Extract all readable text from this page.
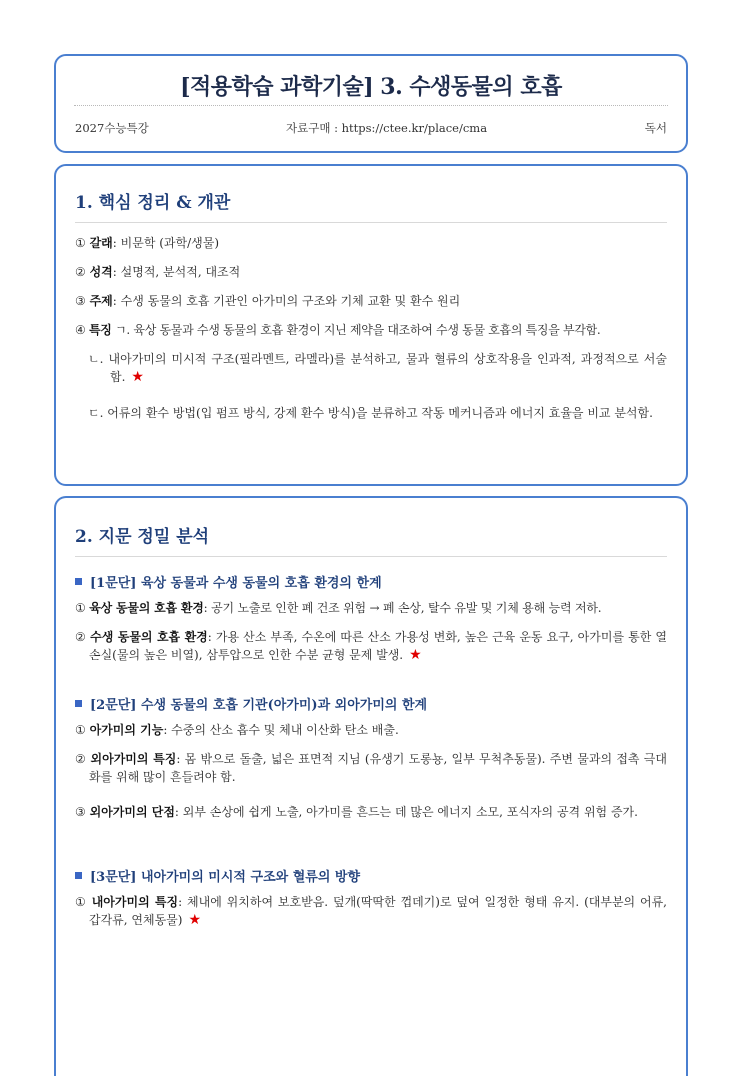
[적용학습 과학기술] 3. 수생동물의 호흡
2027수능특강	자료구매 : https://ctee.kr/place/cma	독서
1. 핵심 정리 & 개관
① 갈래: 비문학 (과학/생물)
② 성격: 설명적, 분석적, 대조적
③ 주제: 수생 동물의 호흡 기관인 아가미의 구조와 기체 교환 및 환수 원리
④ 특징 ㄱ. 육상 동물과 수생 동물의 호흡 환경이 지닌 제약을 대조하여 수생 동물 호흡의 특징을 부각함.
ㄴ. 내아가미의 미시적 구조(필라멘트, 라멜라)를 분석하고, 물과 혈류의 상호작용을 인과적, 과정적으로 서술함. ★
ㄷ. 어류의 환수 방법(입 펌프 방식, 강제 환수 방식)을 분류하고 작동 메커니즘과 에너지 효율을 비교 분석함.
2. 지문 정밀 분석
[1문단] 육상 동물과 수생 동물의 호흡 환경의 한계
① 육상 동물의 호흡 환경: 공기 노출로 인한 폐 건조 위험 → 폐 손상, 탈수 유발 및 기체 용해 능력 저하.
② 수생 동물의 호흡 환경: 가용 산소 부족, 수온에 따른 산소 가용성 변화, 높은 근육 운동 요구, 아가미를 통한 열 손실(물의 높은 비열), 삼투압으로 인한 수분 균형 문제 발생. ★
[2문단] 수생 동물의 호흡 기관(아가미)과 외아가미의 한계
① 아가미의 기능: 수중의 산소 흡수 및 체내 이산화 탄소 배출.
② 외아가미의 특징: 몸 밖으로 돌출, 넓은 표면적 지님 (유생기 도롱뇽, 일부 무척추동물). 주변 물과의 접촉 극대화를 위해 많이 흔들려야 함.
③ 외아가미의 단점: 외부 손상에 쉽게 노출, 아가미를 흔드는 데 많은 에너지 소모, 포식자의 공격 위험 증가.
[3문단] 내아가미의 미시적 구조와 혈류의 방향
① 내아가미의 특징: 체내에 위치하여 보호받음. 덮개(딱딱한 껍데기)로 덮여 일정한 형태 유지. (대부분의 어류, 갑각류, 연체동물) ★
